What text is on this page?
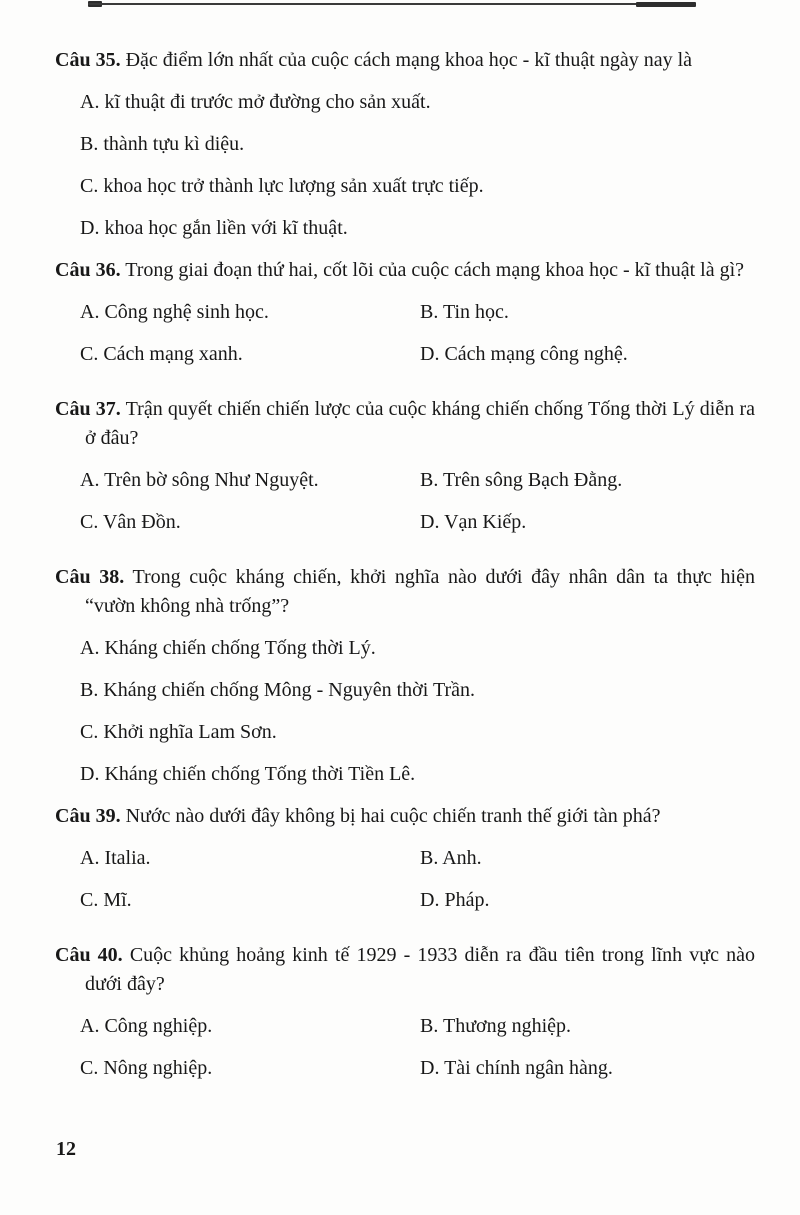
Câu 35. Đặc điểm lớn nhất của cuộc cách mạng khoa học - kĩ thuật ngày nay là

A. kĩ thuật đi trước mở đường cho sản xuất.
B. thành tựu kì diệu.
C. khoa học trở thành lực lượng sản xuất trực tiếp.
D. khoa học gắn liền với kĩ thuật.

Câu 36. Trong giai đoạn thứ hai, cốt lõi của cuộc cách mạng khoa học - kĩ thuật là gì?

A. Công nghệ sinh học.	B. Tin học.
C. Cách mạng xanh.	D. Cách mạng công nghệ.

Câu 37. Trận quyết chiến chiến lược của cuộc kháng chiến chống Tống thời Lý diễn ra ở đâu?

A. Trên bờ sông Như Nguyệt.	B. Trên sông Bạch Đằng.
C. Vân Đồn.	D. Vạn Kiếp.

Câu 38. Trong cuộc kháng chiến, khởi nghĩa nào dưới đây nhân dân ta thực hiện “vườn không nhà trống”?

A. Kháng chiến chống Tống thời Lý.
B. Kháng chiến chống Mông - Nguyên thời Trần.
C. Khởi nghĩa Lam Sơn.
D. Kháng chiến chống Tống thời Tiền Lê.

Câu 39. Nước nào dưới đây không bị hai cuộc chiến tranh thế giới tàn phá?

A. Italia.	B. Anh.
C. Mĩ.	D. Pháp.

Câu 40. Cuộc khủng hoảng kinh tế 1929 - 1933 diễn ra đầu tiên trong lĩnh vực nào dưới đây?

A. Công nghiệp.	B. Thương nghiệp.
C. Nông nghiệp.	D. Tài chính ngân hàng.
12
